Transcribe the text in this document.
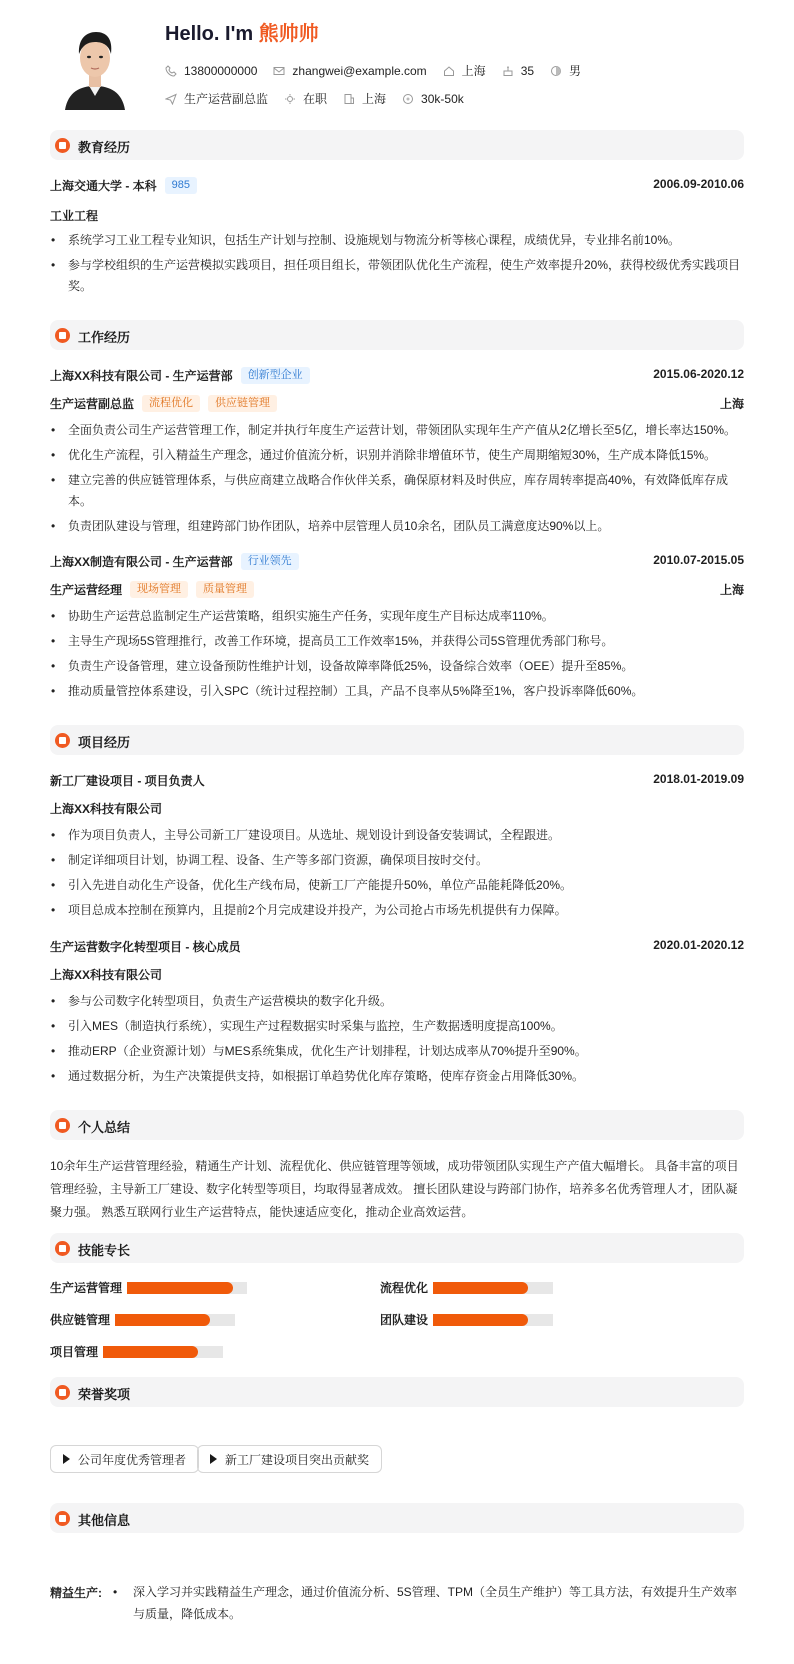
Hello. I'm 熊帅帅
13800000000	zhangwei@example.com	上海	35	男
生产运营副总监	在职	上海	30k-50k
教育经历
上海交通大学 - 本科	985	2006.09-2010.06
工业工程
• 系统学习工业工程专业知识，包括生产计划与控制、设施规划与物流分析等核心课程，成绩优异，专业排名前10%。
• 参与学校组织的生产运营模拟实践项目，担任项目组长，带领团队优化生产流程，使生产效率提升20%，获得校级优秀实践项目奖。
工作经历
上海XX科技有限公司 - 生产运营部	创新型企业	2015.06-2020.12
生产运营副总监	流程优化	供应链管理	上海
• 全面负责公司生产运营管理工作，制定并执行年度生产运营计划，带领团队实现年生产产值从2亿增长至5亿，增长率达150%。
• 优化生产流程，引入精益生产理念，通过价值流分析，识别并消除非增值环节，使生产周期缩短30%，生产成本降低15%。
• 建立完善的供应链管理体系，与供应商建立战略合作伙伴关系，确保原材料及时供应，库存周转率提高40%，有效降低库存成本。
• 负责团队建设与管理，组建跨部门协作团队，培养中层管理人员10余名，团队员工满意度达90%以上。
上海XX制造有限公司 - 生产运营部	行业领先	2010.07-2015.05
生产运营经理	现场管理	质量管理	上海
• 协助生产运营总监制定生产运营策略，组织实施生产任务，实现年度生产目标达成率110%。
• 主导生产现场5S管理推行，改善工作环境，提高员工工作效率15%，并获得公司5S管理优秀部门称号。
• 负责生产设备管理，建立设备预防性维护计划，设备故障率降低25%，设备综合效率（OEE）提升至85%。
• 推动质量管控体系建设，引入SPC（统计过程控制）工具，产品不良率从5%降至1%，客户投诉率降低60%。
项目经历
新工厂建设项目 - 项目负责人	2018.01-2019.09
上海XX科技有限公司
• 作为项目负责人，主导公司新工厂建设项目。从选址、规划设计到设备安装调试，全程跟进。
• 制定详细项目计划，协调工程、设备、生产等多部门资源，确保项目按时交付。
• 引入先进自动化生产设备，优化生产线布局，使新工厂产能提升50%，单位产品能耗降低20%。
• 项目总成本控制在预算内，且提前2个月完成建设并投产，为公司抢占市场先机提供有力保障。
生产运营数字化转型项目 - 核心成员	2020.01-2020.12
上海XX科技有限公司
• 参与公司数字化转型项目，负责生产运营模块的数字化升级。
• 引入MES（制造执行系统），实现生产过程数据实时采集与监控，生产数据透明度提高100%。
• 推动ERP（企业资源计划）与MES系统集成，优化生产计划排程，计划达成率从70%提升至90%。
• 通过数据分析，为生产决策提供支持，如根据订单趋势优化库存策略，使库存资金占用降低30%。
个人总结
10余年生产运营管理经验，精通生产计划、流程优化、供应链管理等领域，成功带领团队实现生产产值大幅增长。 具备丰富的项目管理经验，主导新工厂建设、数字化转型等项目，均取得显著成效。 擅长团队建设与跨部门协作，培养多名优秀管理人才，团队凝聚力强。 熟悉互联网行业生产运营特点，能快速适应变化，推动企业高效运营。
技能专长
生产运营管理	流程优化
供应链管理	团队建设
项目管理
荣誉奖项
公司年度优秀管理者	新工厂建设项目突出贡献奖
其他信息
精益生产:
•	深入学习并实践精益生产理念，通过价值流分析、5S管理、TPM（全员生产维护）等工具方法，有效提升生产效率与质量，降低成本。
